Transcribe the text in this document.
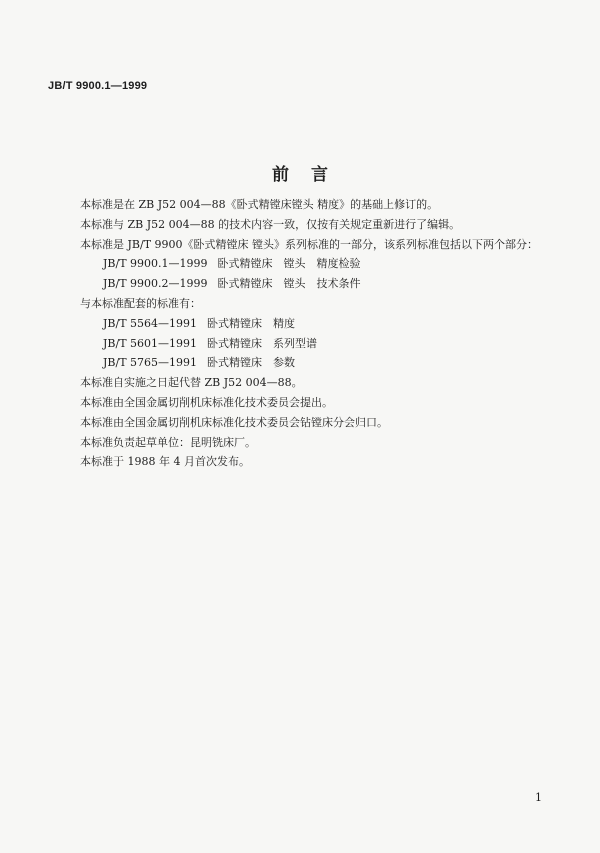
JB/T 9900.1—1999
前言
本标准是在 ZB J52 004—88《卧式精镗床镗头 精度》的基础上修订的。
本标准与 ZB J52 004—88 的技术内容一致，仅按有关规定重新进行了编辑。
本标准是 JB/T 9900《卧式精镗床 镗头》系列标准的一部分，该系列标准包括以下两个部分：
JB/T 9900.1—1999 卧式精镗床　镗头　精度检验
JB/T 9900.2—1999 卧式精镗床　镗头　技术条件
与本标准配套的标准有：
JB/T 5564—1991 卧式精镗床　精度
JB/T 5601—1991 卧式精镗床　系列型谱
JB/T 5765—1991 卧式精镗床　参数
本标准自实施之日起代替 ZB J52 004—88。
本标准由全国金属切削机床标准化技术委员会提出。
本标准由全国金属切削机床标准化技术委员会钻镗床分会归口。
本标准负责起草单位：昆明铣床厂。
本标准于 1988 年 4 月首次发布。
1
